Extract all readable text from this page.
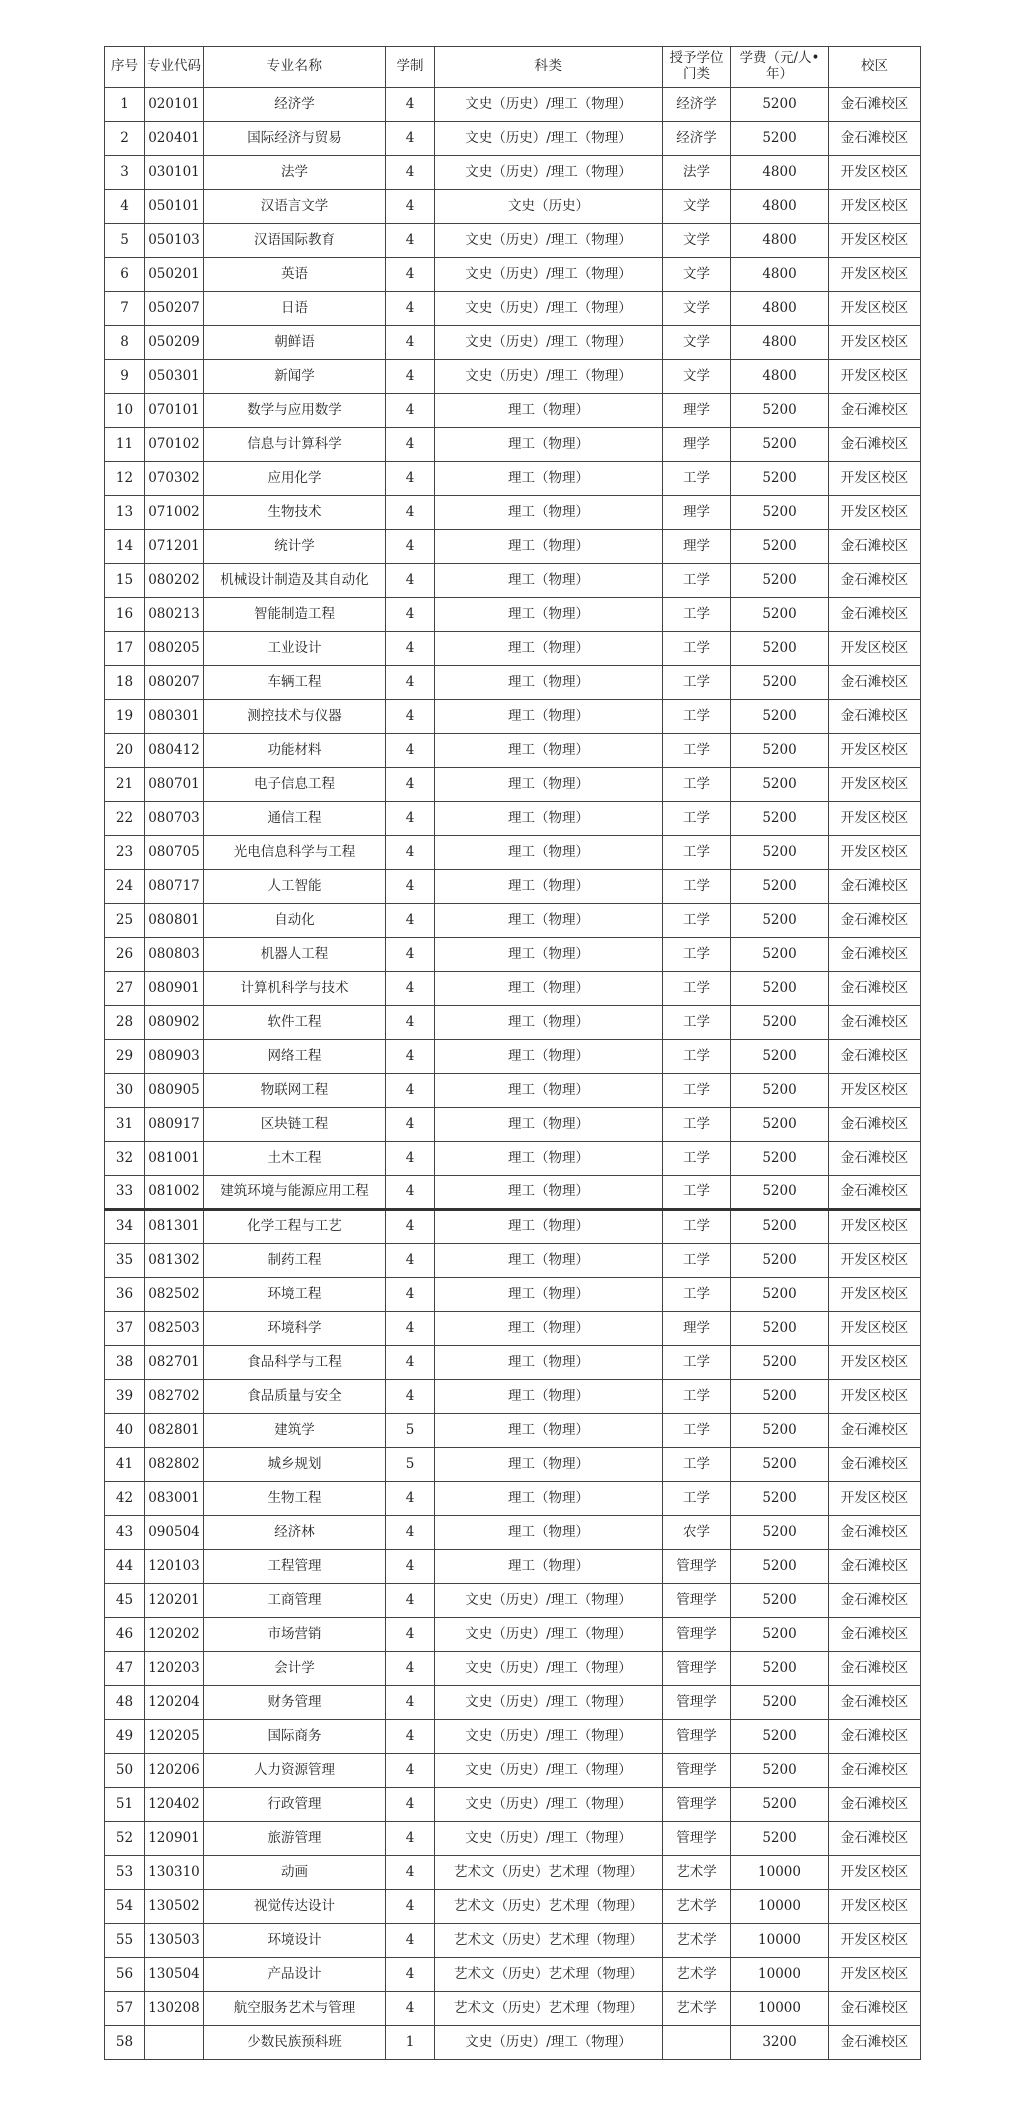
序号	专业代码	专业名称	学制	科类	授予学位门类	学费（元/人•年）	校区
1	020101	经济学	4	文史（历史）/理工（物理）	经济学	5200	金石滩校区
2	020401	国际经济与贸易	4	文史（历史）/理工（物理）	经济学	5200	金石滩校区
3	030101	法学	4	文史（历史）/理工（物理）	法学	4800	开发区校区
4	050101	汉语言文学	4	文史（历史）	文学	4800	开发区校区
5	050103	汉语国际教育	4	文史（历史）/理工（物理）	文学	4800	开发区校区
6	050201	英语	4	文史（历史）/理工（物理）	文学	4800	开发区校区
7	050207	日语	4	文史（历史）/理工（物理）	文学	4800	开发区校区
8	050209	朝鲜语	4	文史（历史）/理工（物理）	文学	4800	开发区校区
9	050301	新闻学	4	文史（历史）/理工（物理）	文学	4800	开发区校区
10	070101	数学与应用数学	4	理工（物理）	理学	5200	金石滩校区
11	070102	信息与计算科学	4	理工（物理）	理学	5200	金石滩校区
12	070302	应用化学	4	理工（物理）	工学	5200	开发区校区
13	071002	生物技术	4	理工（物理）	理学	5200	开发区校区
14	071201	统计学	4	理工（物理）	理学	5200	金石滩校区
15	080202	机械设计制造及其自动化	4	理工（物理）	工学	5200	金石滩校区
16	080213	智能制造工程	4	理工（物理）	工学	5200	金石滩校区
17	080205	工业设计	4	理工（物理）	工学	5200	开发区校区
18	080207	车辆工程	4	理工（物理）	工学	5200	金石滩校区
19	080301	测控技术与仪器	4	理工（物理）	工学	5200	金石滩校区
20	080412	功能材料	4	理工（物理）	工学	5200	开发区校区
21	080701	电子信息工程	4	理工（物理）	工学	5200	开发区校区
22	080703	通信工程	4	理工（物理）	工学	5200	开发区校区
23	080705	光电信息科学与工程	4	理工（物理）	工学	5200	开发区校区
24	080717	人工智能	4	理工（物理）	工学	5200	金石滩校区
25	080801	自动化	4	理工（物理）	工学	5200	金石滩校区
26	080803	机器人工程	4	理工（物理）	工学	5200	金石滩校区
27	080901	计算机科学与技术	4	理工（物理）	工学	5200	金石滩校区
28	080902	软件工程	4	理工（物理）	工学	5200	金石滩校区
29	080903	网络工程	4	理工（物理）	工学	5200	金石滩校区
30	080905	物联网工程	4	理工（物理）	工学	5200	开发区校区
31	080917	区块链工程	4	理工（物理）	工学	5200	金石滩校区
32	081001	土木工程	4	理工（物理）	工学	5200	金石滩校区
33	081002	建筑环境与能源应用工程	4	理工（物理）	工学	5200	金石滩校区
34	081301	化学工程与工艺	4	理工（物理）	工学	5200	开发区校区
35	081302	制药工程	4	理工（物理）	工学	5200	开发区校区
36	082502	环境工程	4	理工（物理）	工学	5200	开发区校区
37	082503	环境科学	4	理工（物理）	理学	5200	开发区校区
38	082701	食品科学与工程	4	理工（物理）	工学	5200	开发区校区
39	082702	食品质量与安全	4	理工（物理）	工学	5200	开发区校区
40	082801	建筑学	5	理工（物理）	工学	5200	金石滩校区
41	082802	城乡规划	5	理工（物理）	工学	5200	金石滩校区
42	083001	生物工程	4	理工（物理）	工学	5200	开发区校区
43	090504	经济林	4	理工（物理）	农学	5200	金石滩校区
44	120103	工程管理	4	理工（物理）	管理学	5200	金石滩校区
45	120201	工商管理	4	文史（历史）/理工（物理）	管理学	5200	金石滩校区
46	120202	市场营销	4	文史（历史）/理工（物理）	管理学	5200	金石滩校区
47	120203	会计学	4	文史（历史）/理工（物理）	管理学	5200	金石滩校区
48	120204	财务管理	4	文史（历史）/理工（物理）	管理学	5200	金石滩校区
49	120205	国际商务	4	文史（历史）/理工（物理）	管理学	5200	金石滩校区
50	120206	人力资源管理	4	文史（历史）/理工（物理）	管理学	5200	金石滩校区
51	120402	行政管理	4	文史（历史）/理工（物理）	管理学	5200	金石滩校区
52	120901	旅游管理	4	文史（历史）/理工（物理）	管理学	5200	金石滩校区
53	130310	动画	4	艺术文（历史）艺术理（物理）	艺术学	10000	开发区校区
54	130502	视觉传达设计	4	艺术文（历史）艺术理（物理）	艺术学	10000	开发区校区
55	130503	环境设计	4	艺术文（历史）艺术理（物理）	艺术学	10000	开发区校区
56	130504	产品设计	4	艺术文（历史）艺术理（物理）	艺术学	10000	开发区校区
57	130208	航空服务艺术与管理	4	艺术文（历史）艺术理（物理）	艺术学	10000	金石滩校区
58		少数民族预科班	1	文史（历史）/理工（物理）		3200	金石滩校区
